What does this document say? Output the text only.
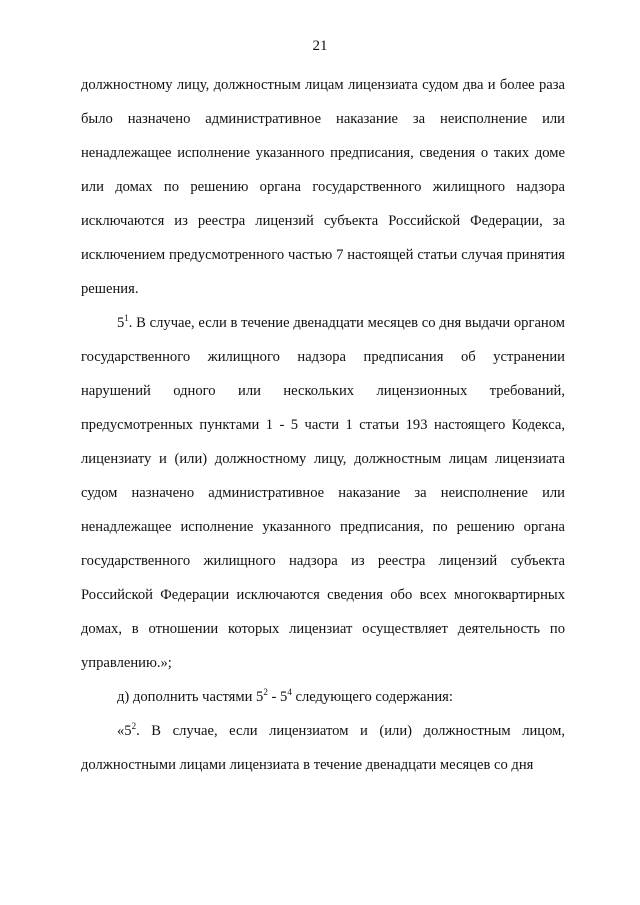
21

должностному лицу, должностным лицам лицензиата судом два и более раза было назначено административное наказание за неисполнение или ненадлежащее исполнение указанного предписания, сведения о таких доме или домах по решению органа государственного жилищного надзора исключаются из реестра лицензий субъекта Российской Федерации, за исключением предусмотренного частью 7 настоящей статьи случая принятия решения.

$5^1$. В случае, если в течение двенадцати месяцев со дня выдачи органом государственного жилищного надзора предписания об устранении нарушений одного или нескольких лицензионных требований, предусмотренных пунктами 1 - 5 части 1 статьи 193 настоящего Кодекса, лицензиату и (или) должностному лицу, должностным лицам лицензиата судом назначено административное наказание за неисполнение или ненадлежащее исполнение указанного предписания, по решению органа государственного жилищного надзора из реестра лицензий субъекта Российской Федерации исключаются сведения обо всех многоквартирных домах, в отношении которых лицензиат осуществляет деятельность по управлению.»;

д) дополнить частями $5^2 - 5^4$ следующего содержания:

«$5^2$. В случае, если лицензиатом и (или) должностным лицом, должностными лицами лицензиата в течение двенадцати месяцев со дня
